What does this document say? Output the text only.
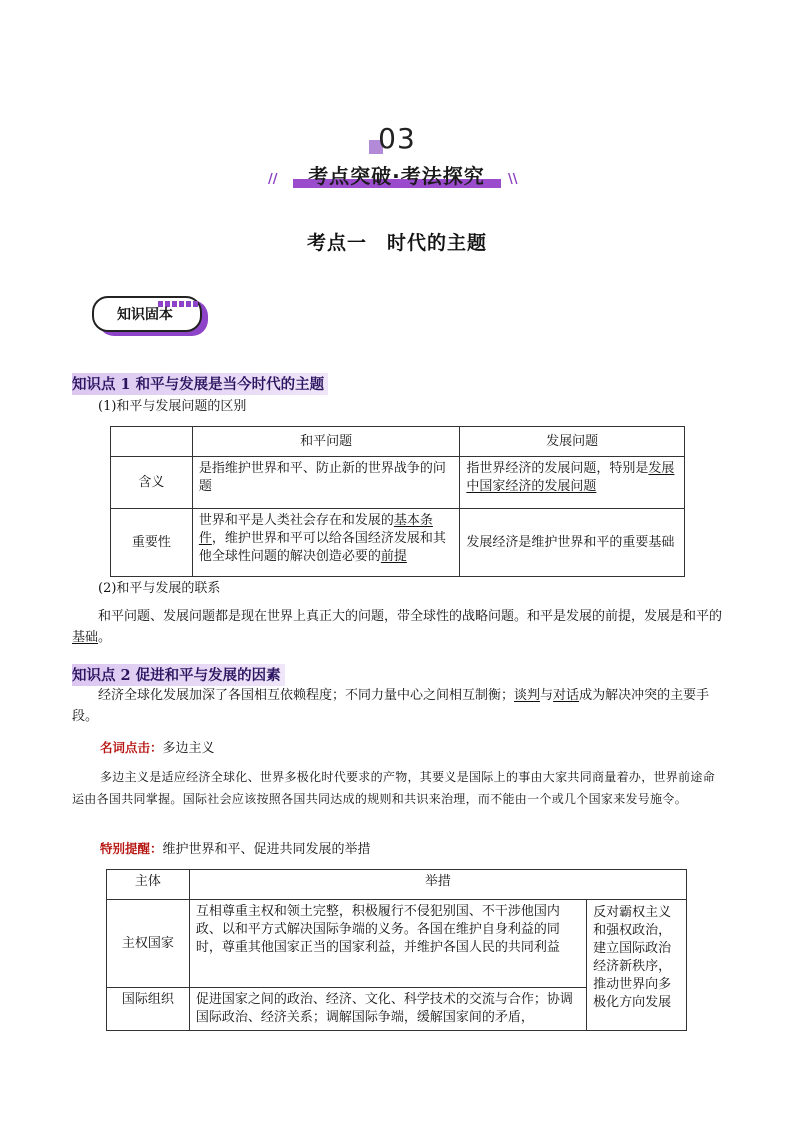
03
考点突破·考法探究
//	\\
考点一　时代的主题
知识固本
知识点 1 和平与发展是当今时代的主题
(1)和平与发展问题的区别
	和平问题	发展问题
含义	是指维护世界和平、防止新的世界战争的问题	指世界经济的发展问题，特别是发展中国家经济的发展问题
重要性	世界和平是人类社会存在和发展的基本条件，维护世界和平可以给各国经济发展和其他全球性问题的解决创造必要的前提	发展经济是维护世界和平的重要基础
(2)和平与发展的联系
和平问题、发展问题都是现在世界上真正大的问题，带全球性的战略问题。和平是发展的前提，发展是和平的基础。
知识点 2 促进和平与发展的因素
经济全球化发展加深了各国相互依赖程度；不同力量中心之间相互制衡；谈判与对话成为解决冲突的主要手段。
名词点击：多边主义
多边主义是适应经济全球化、世界多极化时代要求的产物，其要义是国际上的事由大家共同商量着办，世界前途命运由各国共同掌握。国际社会应该按照各国共同达成的规则和共识来治理，而不能由一个或几个国家来发号施令。
特别提醒：维护世界和平、促进共同发展的举措
主体	举措	
主权国家	互相尊重主权和领土完整，积极履行不侵犯别国、不干涉他国内政、以和平方式解决国际争端的义务。各国在维护自身利益的同时，尊重其他国家正当的国家利益，并维护各国人民的共同利益	反对霸权主义和强权政治，建立国际政治经济新秩序，推动世界向多极化方向发展
国际组织	促进国家之间的政治、经济、文化、科学技术的交流与合作；协调国际政治、经济关系；调解国际争端，缓解国家间的矛盾，	
